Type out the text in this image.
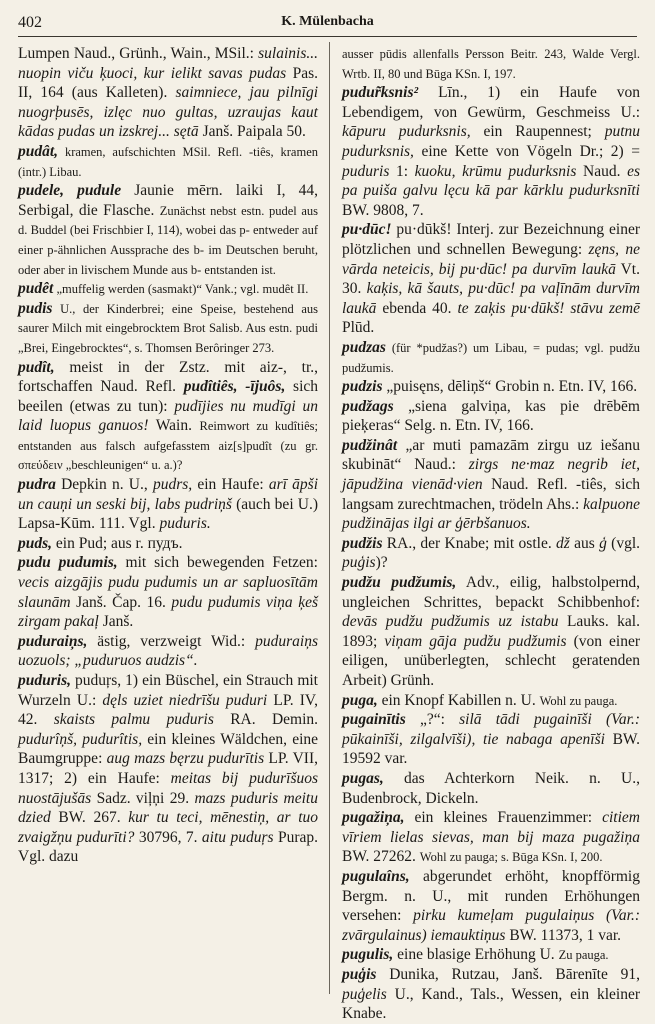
402	K. Mülenbacha

Lumpen Naud., Grünh., Wain., MSil.: sulainis... nuopin viču ķuoci, kur ielikt savas pudas Pas. II, 164 (aus Kalleten). saimniece, jau pilnīgi nuogr̦busēs, izlęc nuo gultas, uzraujas kaut kādas pudas un izskrej... sętā Janš. Paipala 50.

pudât, kramen, aufschichten MSil. Refl. -tiês, kramen (intr.) Libau.

pudele, pudule Jaunie mērn. laiki I, 44, Serbigal, die Flasche. Zunächst nebst estn. pudel aus d. Buddel (bei Frischbier I, 114), wobei das p- entweder auf einer p-ähnlichen Aussprache des b- im Deutschen beruht, oder aber in livischem Munde aus b- entstanden ist.

pudêt „muffelig werden (sasmakt)“ Vank.; vgl. mudêt II.

pudis U., der Kinderbrei; eine Speise, bestehend aus saurer Milch mit eingebrocktem Brot Salisb. Aus estn. pudi „Brei, Eingebrocktes“, s. Thomsen Berôringer 273.

pudît, meist in der Zstz. mit aiz-, tr., fortschaffen Naud. Refl. pudîtiês, -ījuôs, sich beeilen (etwas zu tun): pudījies nu mudīgi un laid luopus ganuos! Wain. Reimwort zu kudîtiês; entstanden aus falsch aufgefasstem aiz[s]pudît (zu gr. σπεύδειν „beschleunigen“ u. a.)?

pudra Depkin n. U., pudrs, ein Haufe: arī āpši un cauņi un seski bij, labs pudriņš (auch bei U.) Lapsa-Kūm. 111. Vgl. puduris.

puds, ein Pud; aus r. пудъ.

pudu pudumis, mit sich bewegenden Fetzen: vecis aizgājis pudu pudumis un ar sapluosītām slaunām Janš. Čap. 16. pudu pudumis viņa ķeš zirgam pakaļ Janš.

puduraiņs, ästig, verzweigt Wid.: puduraiņs uozuols; „puduruos audzis“.

puduris, puduŗs, 1) ein Büschel, ein Strauch mit Wurzeln U.: dęls uziet niedrīšu puduri LP. IV, 42. skaists palmu puduris RA. Demin. pudurîņš, pudurîtis, ein kleines Wäldchen, eine Baumgruppe: aug mazs bęrzu pudurītis LP. VII, 1317; 2) ein Haufe: meitas bij pudurīšuos nuostājušās Sadz. viļņi 29. mazs puduris meitu dzied BW. 267. kur tu teci, mēnestiņ, ar tuo zvaigžņu pudurīti? 30796, 7. aitu puduŗs Purap. Vgl. dazu

ausser pūdis allenfalls Persson Beitr. 243, Walde Vergl. Wrtb. II, 80 und Būga KSn. I, 197.

pudur̃ksnis² Līn., 1) ein Haufe von Lebendigem, von Gewürm, Geschmeiss U.: kāpuru pudurksnis, ein Raupennest; putnu pudurksnis, eine Kette von Vögeln Dr.; 2) = puduris 1: kuoku, krūmu pudurksnis Naud. es pa puiša galvu lęcu kā par kārklu pudurksnīti BW. 9808, 7.

pu·dūc! pu·dūkš! Interj. zur Bezeichnung einer plötzlichen und schnellen Bewegung: zęns, ne vārda neteicis, bij pu·dūc! pa durvīm laukā Vt. 30. kaķis, kā šauts, pu·dūc! pa vaļīnām durvīm laukā ebenda 40. te zaķis pu·dūkš! stāvu zemē Plūd.

pudzas (für *pudžas?) um Libau, = pudas; vgl. pudžu pudžumis.

pudzis „puisęns, dēliņš“ Grobin n. Etn. IV, 166.

pudžags „siena galviņa, kas pie drēbēm pieķeras“ Selg. n. Etn. IV, 166.

pudžinât „ar muti pamazām zirgu uz iešanu skubināt“ Naud.: zirgs ne·maz negrib iet, jāpudžina vienād·vien Naud. Refl. -tiês, sich langsam zurechtmachen, trödeln Ahs.: kalpuone pudžinājas ilgi ar ģērbšanuos.

pudžis RA., der Knabe; mit ostle. dž aus ģ (vgl. puģis)?

pudžu pudžumis, Adv., eilig, halbstolpernd, ungleichen Schrittes, bepackt Schibbenhof: devās pudžu pudžumis uz istabu Lauks. kal. 1893; viņam gāja pudžu pudžumis (von einer eiligen, unüberlegten, schlecht geratenden Arbeit) Grünh.

puga, ein Knopf Kabillen n. U. Wohl zu pauga.

pugainītis „?“: silā tādi pugainīši (Var.: pūkainīši, zilgalvīši), tie nabaga apenīši BW. 19592 var.

pugas, das Achterkorn Neik. n. U., Budenbrock, Dickeln.

pugažiņa, ein kleines Frauenzimmer: citiem vīriem lielas sievas, man bij maza pugažiņa BW. 27262. Wohl zu pauga; s. Būga KSn. I, 200.

pugulaîns, abgerundet erhöht, knopfförmig Bergm. n. U., mit runden Erhöhungen versehen: pirku kumeļam pugulaiņus (Var.: zvārgulainus) iemauktiņus BW. 11373, 1 var.

pugulis, eine blasige Erhöhung U. Zu pauga.

puģis Dunika, Rutzau, Janš. Bārenīte 91, puģelis U., Kand., Tals., Wessen, ein kleiner Knabe.
